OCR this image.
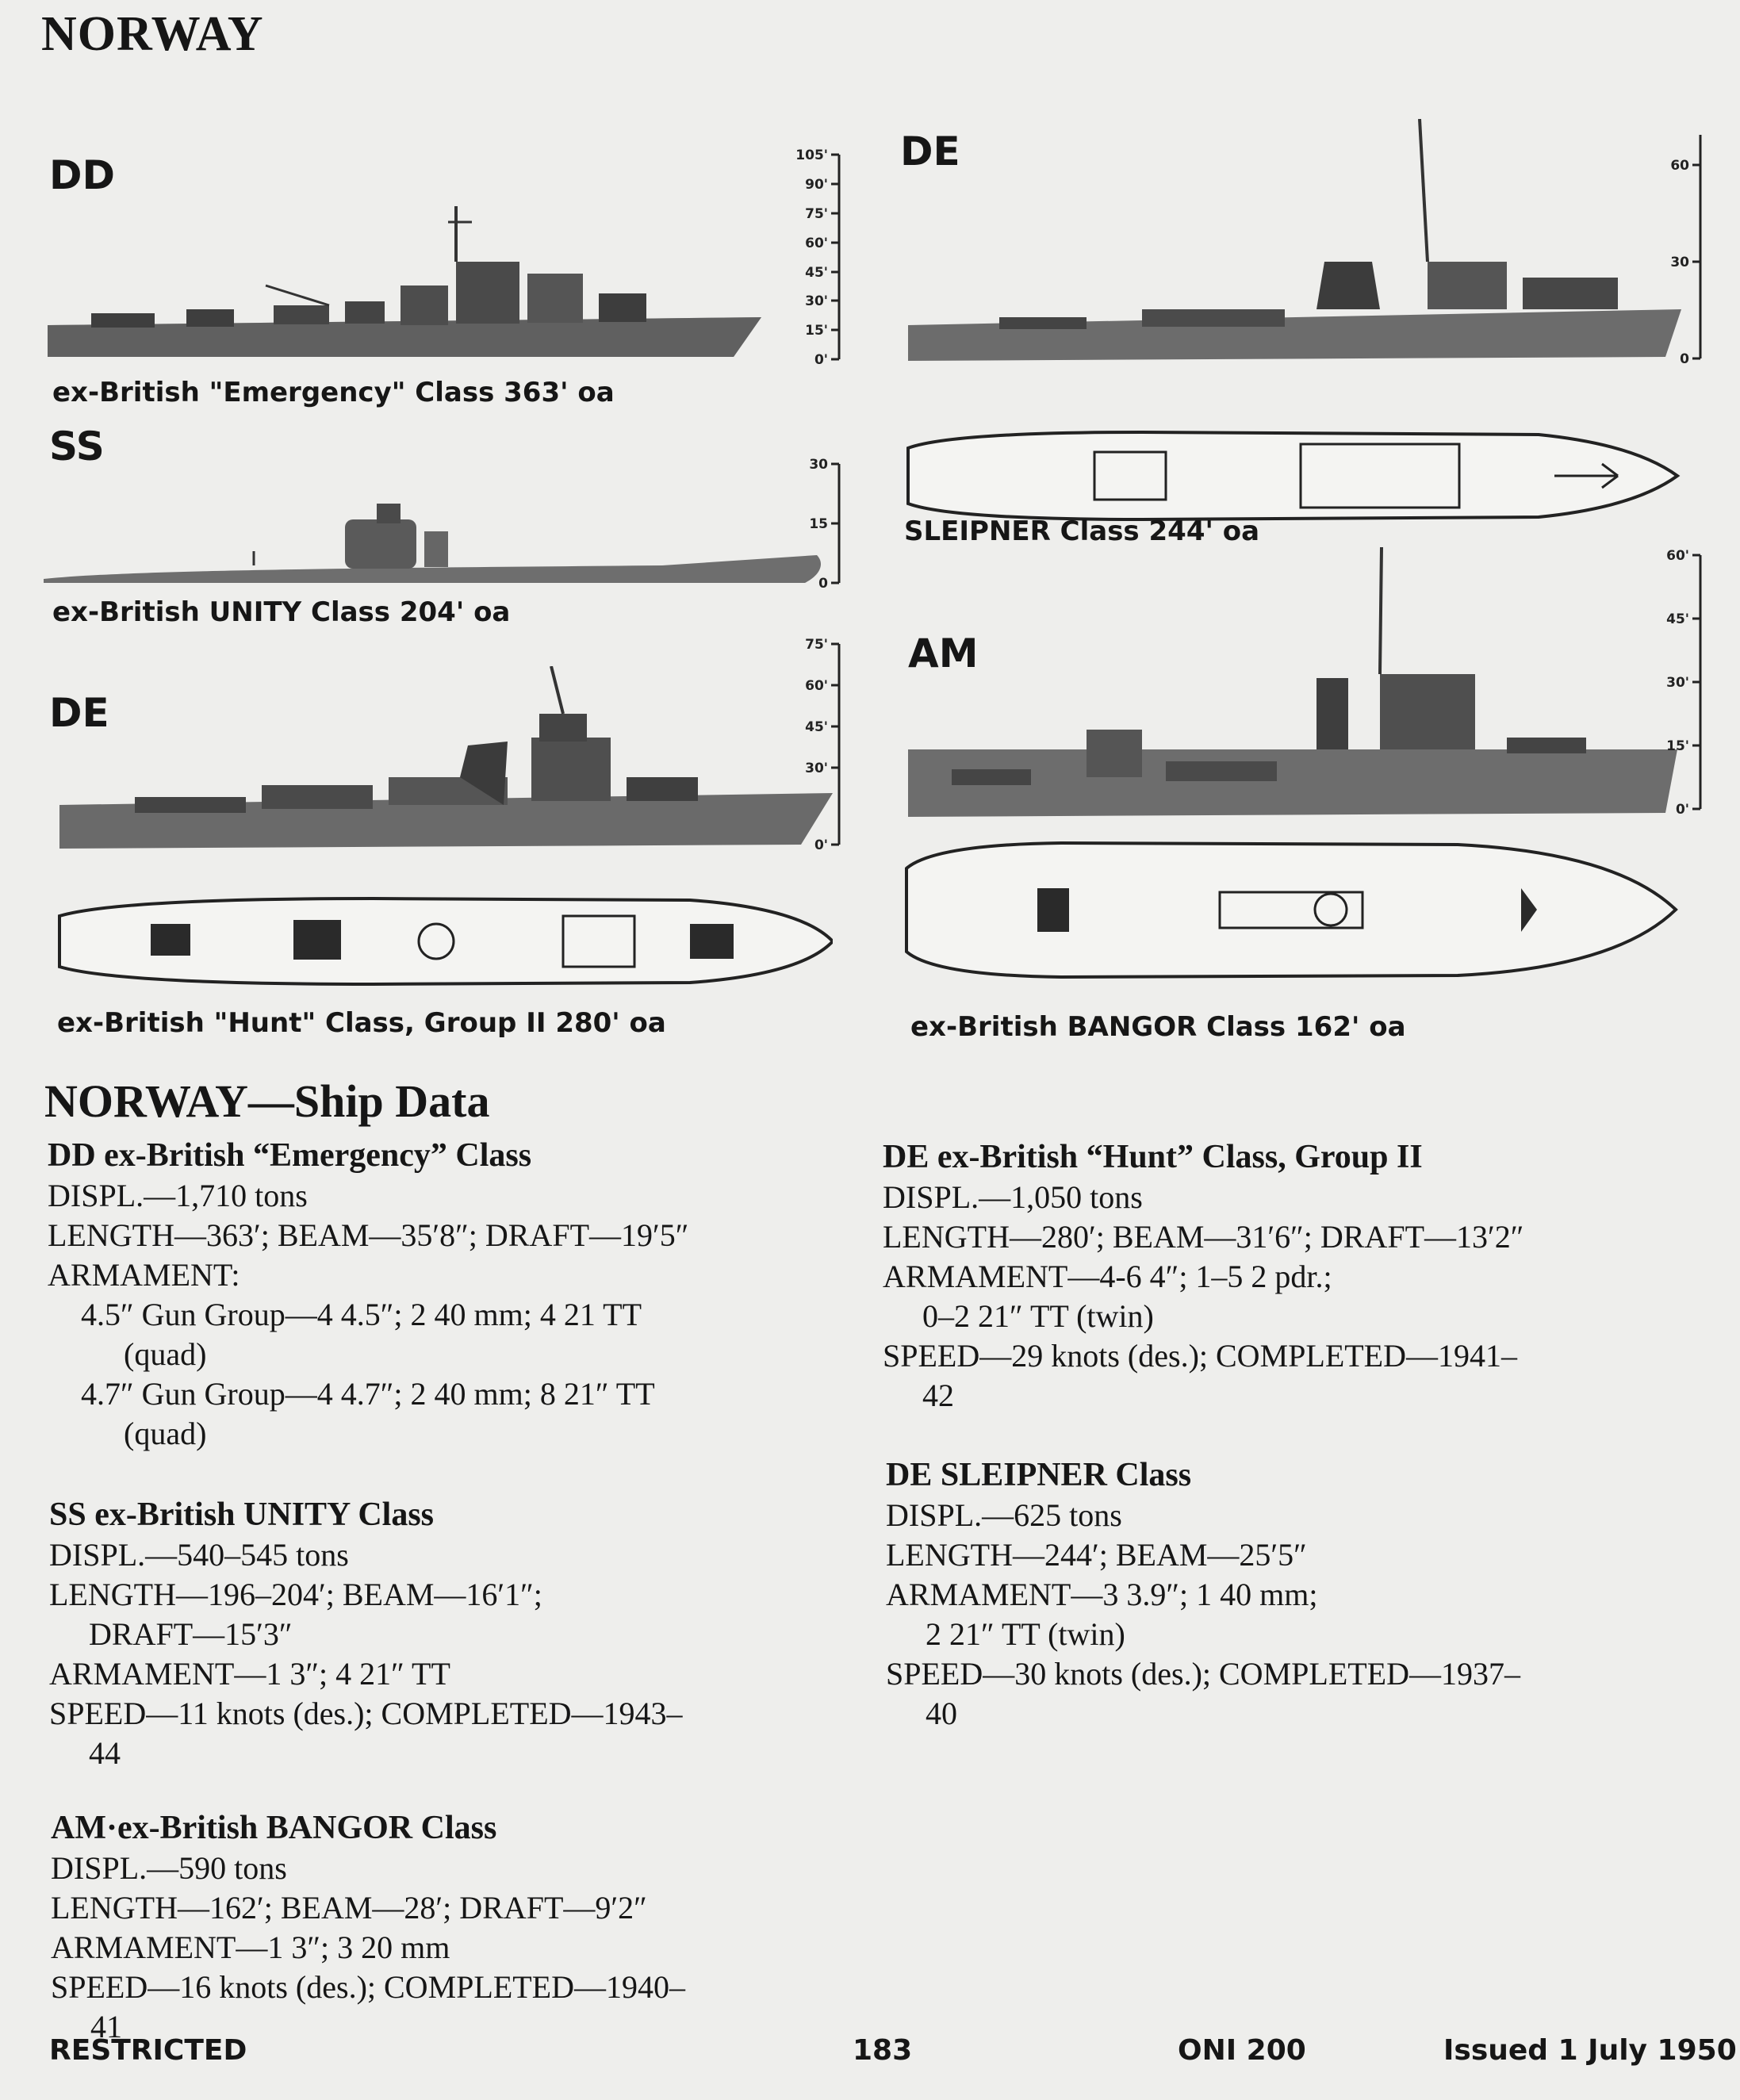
NORWAY
DD	105'
90'
75'
60'
45'
30'
15'
0'
ex-British "Emergency" Class 363' oa
SS	30
15
0
ex-British UNITY Class 204' oa
DE
75'
60'
45'
30'
0'
ex-British "Hunt" Class, Group II 280' oa
DE	60
30
0
SLEIPNER Class 244' oa
AM
60'
45'
30'
15'
0'
ex-British BANGOR Class 162' oa
NORWAY—Ship Data
DD ex-British “Emergency” Class
DISPL.—1,710 tons
LENGTH—363′; BEAM—35′8″; DRAFT—19′5″
ARMAMENT:
4.5″ Gun Group—4 4.5″; 2 40 mm; 4 21 TT
(quad)
4.7″ Gun Group—4 4.7″; 2 40 mm; 8 21″ TT
(quad)
SS ex-British UNITY Class
DISPL.—540–545 tons
LENGTH—196–204′; BEAM—16′1″;
DRAFT—15′3″
ARMAMENT—1 3″; 4 21″ TT
SPEED—11 knots (des.); COMPLETED—1943–
44
AM·ex-British BANGOR Class
DISPL.—590 tons
LENGTH—162′; BEAM—28′; DRAFT—9′2″
ARMAMENT—1 3″; 3 20 mm
SPEED—16 knots (des.); COMPLETED—1940–
41
DE ex-British “Hunt” Class, Group II
DISPL.—1,050 tons
LENGTH—280′; BEAM—31′6″; DRAFT—13′2″
ARMAMENT—4-6 4″; 1–5 2 pdr.;
0–2 21″ TT (twin)
SPEED—29 knots (des.); COMPLETED—1941–
42
DE SLEIPNER Class
DISPL.—625 tons
LENGTH—244′; BEAM—25′5″
ARMAMENT—3 3.9″; 1 40 mm;
2 21″ TT (twin)
SPEED—30 knots (des.); COMPLETED—1937–
40
RESTRICTED	183	ONI 200	Issued 1 July 1950
